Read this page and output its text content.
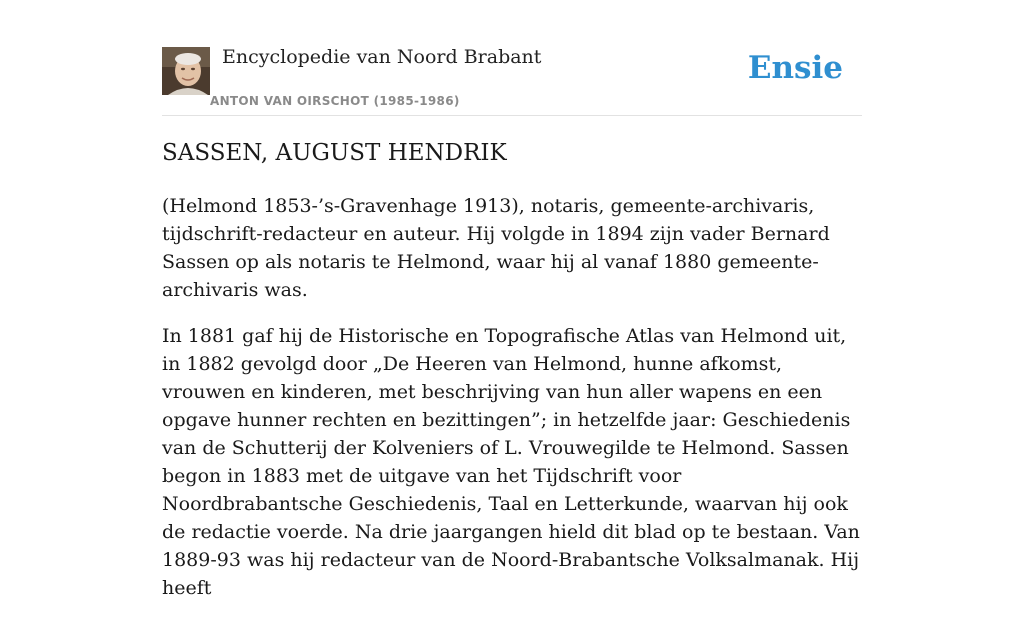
Encyclopedie van Noord Brabant
ANTON VAN OIRSCHOT (1985-1986)
Ensie
SASSEN, AUGUST HENDRIK

(Helmond 1853-’s-Gravenhage 1913), notaris, gemeente-archivaris, tijdschrift-redacteur en auteur. Hij volgde in 1894 zijn vader Bernard Sassen op als notaris te Helmond, waar hij al vanaf 1880 gemeente-archivaris was.

In 1881 gaf hij de Historische en Topografische Atlas van Helmond uit, in 1882 gevolgd door „De Heeren van Helmond, hunne afkomst, vrouwen en kinderen, met beschrijving van hun aller wapens en een opgave hunner rechten en bezittingen”; in hetzelfde jaar: Geschiedenis van de Schutterij der Kolveniers of L. Vrouwegilde te Helmond. Sassen begon in 1883 met de uitgave van het Tijdschrift voor Noordbrabantsche Geschiedenis, Taal en Letterkunde, waarvan hij ook de redactie voerde. Na drie jaargangen hield dit blad op te bestaan. Van 1889-93 was hij redacteur van de Noord-Brabantsche Volksalmanak. Hij heeft
